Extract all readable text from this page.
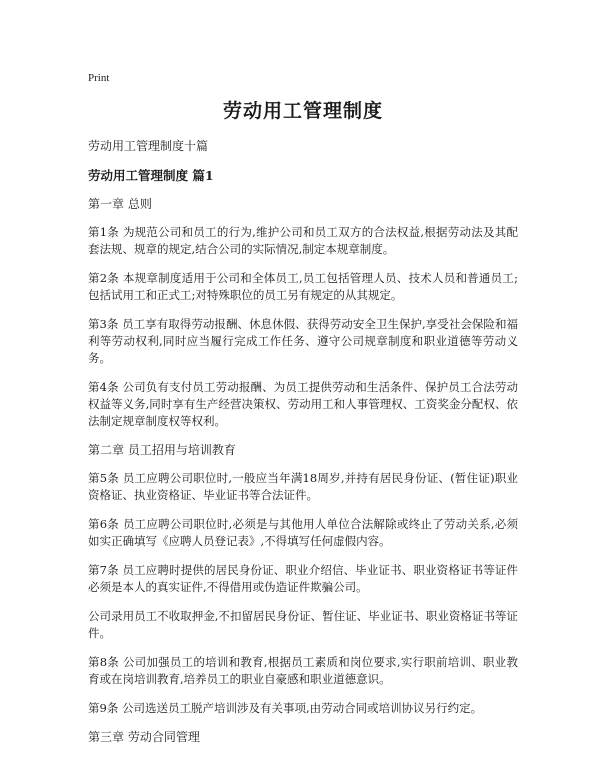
Print
劳动用工管理制度
劳动用工管理制度十篇
劳动用工管理制度 篇1
第一章 总则

第1条 为规范公司和员工的行为,维护公司和员工双方的合法权益,根据劳动法及其配套法规、规章的规定,结合公司的实际情况,制定本规章制度。

第2条 本规章制度适用于公司和全体员工,员工包括管理人员、技术人员和普通员工;包括试用工和正式工;对特殊职位的员工另有规定的从其规定。

第3条 员工享有取得劳动报酬、休息休假、获得劳动安全卫生保护,享受社会保险和福利等劳动权利,同时应当履行完成工作任务、遵守公司规章制度和职业道德等劳动义务。

第4条 公司负有支付员工劳动报酬、为员工提供劳动和生活条件、保护员工合法劳动权益等义务,同时享有生产经营决策权、劳动用工和人事管理权、工资奖金分配权、依法制定规章制度权等权利。

第二章 员工招用与培训教育

第5条 员工应聘公司职位时,一般应当年满18周岁,并持有居民身份证、(暂住证)职业资格证、执业资格证、毕业证书等合法证件。

第6条 员工应聘公司职位时,必须是与其他用人单位合法解除或终止了劳动关系,必须如实正确填写《应聘人员登记表》,不得填写任何虚假内容。

第7条 员工应聘时提供的居民身份证、职业介绍信、毕业证书、职业资格证书等证件必须是本人的真实证件,不得借用或伪造证件欺骗公司。

公司录用员工不收取押金,不扣留居民身份证、暂住证、毕业证书、职业资格证书等证件。

第8条 公司加强员工的培训和教育,根据员工素质和岗位要求,实行职前培训、职业教育或在岗培训教育,培养员工的职业自豪感和职业道德意识。

第9条 公司选送员工脱产培训涉及有关事项,由劳动合同或培训协议另行约定。

第三章 劳动合同管理
